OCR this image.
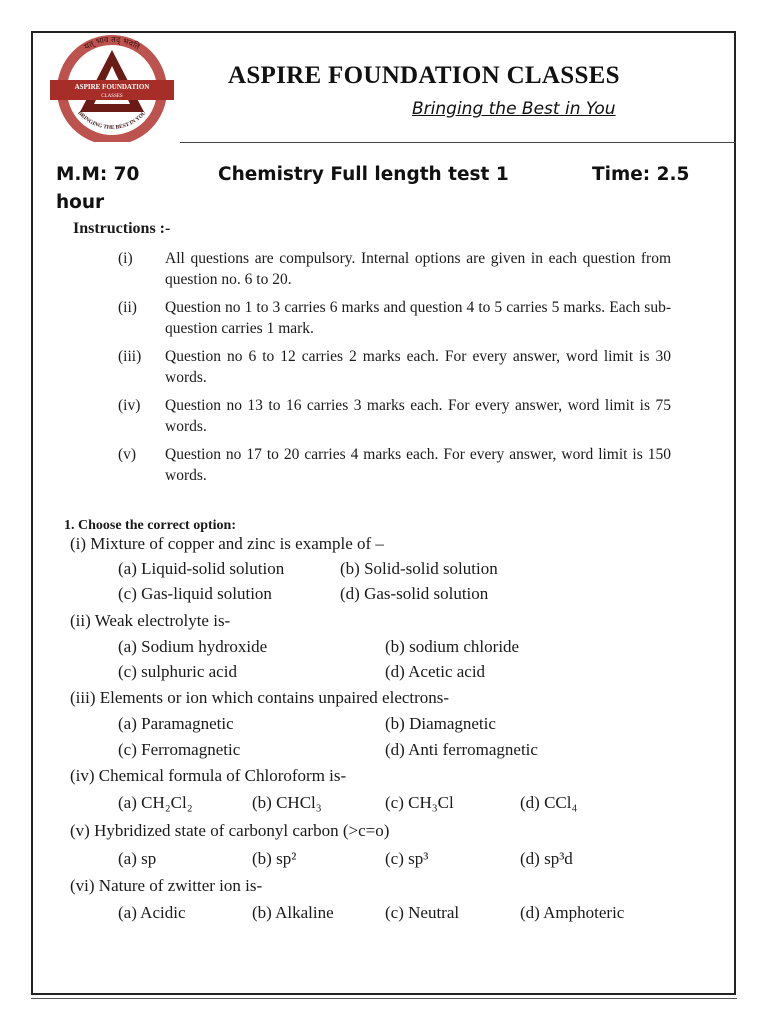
यत् भाव तद् भवति
ASPIRE FOUNDATION
CLASSES
BRINGING THE BEST IN YOU
ASPIRE FOUNDATION CLASSES
Bringing the Best in You
M.M: 70	Chemistry Full length test 1	Time: 2.5
hour
Instructions :-
(i) All questions are compulsory. Internal options are given in each question from question no. 6 to 20.
(ii) Question no 1 to 3 carries 6 marks and question 4 to 5 carries 5 marks. Each sub-question carries 1 mark.
(iii) Question no 6 to 12 carries 2 marks each. For every answer, word limit is 30 words.
(iv) Question no 13 to 16 carries 3 marks each. For every answer, word limit is 75 words.
(v) Question no 17 to 20 carries 4 marks each. For every answer, word limit is 150 words.
1. Choose the correct option:
(i) Mixture of copper and zinc is example of –
(a) Liquid-solid solution	(b) Solid-solid solution
(c) Gas-liquid solution	(d) Gas-solid solution
(ii) Weak electrolyte is-
(a) Sodium hydroxide	(b) sodium chloride
(c) sulphuric acid	(d) Acetic acid
(iii) Elements or ion which contains unpaired electrons-
(a) Paramagnetic	(b) Diamagnetic
(c) Ferromagnetic	(d) Anti ferromagnetic
(iv) Chemical formula of Chloroform is-
(a) CH₂Cl₂	(b) CHCl₃	(c) CH₃Cl	(d) CCl₄
(v) Hybridized state of carbonyl carbon (>c=o)
(a) sp	(b) sp²	(c) sp³	(d) sp³d
(vi) Nature of zwitter ion is-
(a) Acidic	(b) Alkaline	(c) Neutral	(d) Amphoteric
